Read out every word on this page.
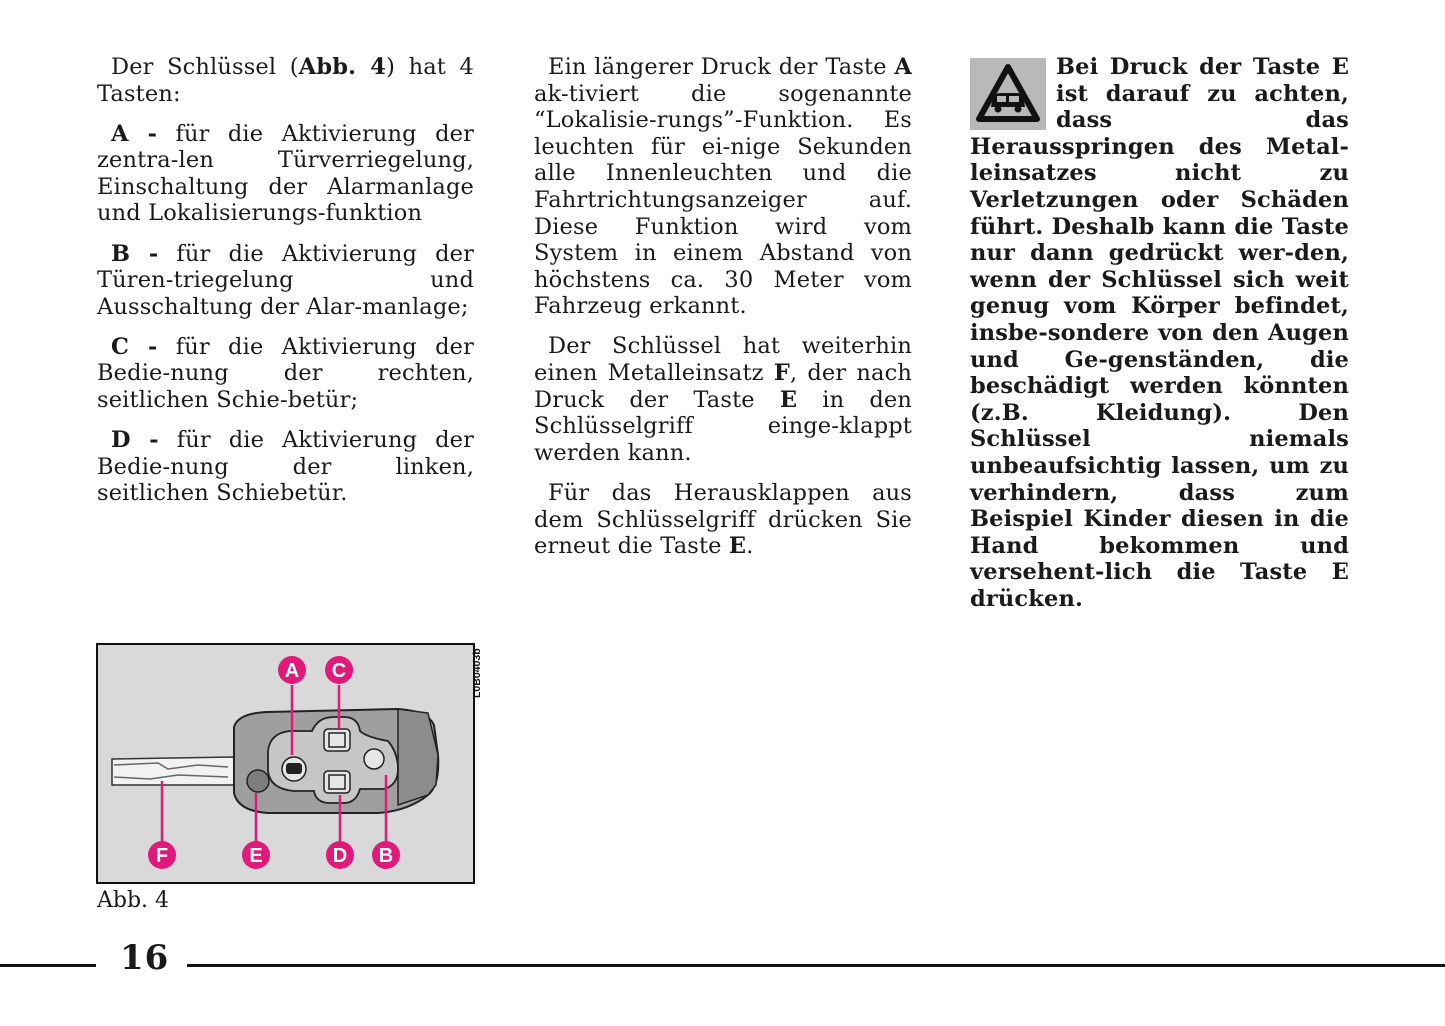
Der Schlüssel (Abb. 4) hat 4 Tasten:

A - für die Aktivierung der zentra-len Türverriegelung, Einschaltung der Alarmanlage und Lokalisierungs-funktion

B - für die Aktivierung der Türen-triegelung und Ausschaltung der Alar-manlage;

C - für die Aktivierung der Bedie-nung der rechten, seitlichen Schie-betür;

D - für die Aktivierung der Bedie-nung der linken, seitlichen Schiebetür.

Ein längerer Druck der Taste A ak-tiviert die sogenannte “Lokalisie-rungs”-Funktion. Es leuchten für ei-nige Sekunden alle Innenleuchten und die Fahrtrichtungsanzeiger auf. Diese Funktion wird vom System in einem Abstand von höchstens ca. 30 Meter vom Fahrzeug erkannt.

Der Schlüssel hat weiterhin einen Metalleinsatz F, der nach Druck der Taste E in den Schlüsselgriff einge-klappt werden kann.

Für das Herausklappen aus dem Schlüsselgriff drücken Sie erneut die Taste E.

Bei Druck der Taste E ist darauf zu achten, dass das Herausspringen des Metal-leinsatzes nicht zu Verletzungen oder Schäden führt. Deshalb kann die Taste nur dann gedrückt wer-den, wenn der Schlüssel sich weit genug vom Körper befindet, insbe-sondere von den Augen und Ge-genständen, die beschädigt werden könnten (z.B. Kleidung). Den Schlüssel niemals unbeaufsichtig lassen, um zu verhindern, dass zum Beispiel Kinder diesen in die Hand bekommen und versehent-lich die Taste E drücken.

A C
F	E	D B
L0B0403b
Abb. 4
16
